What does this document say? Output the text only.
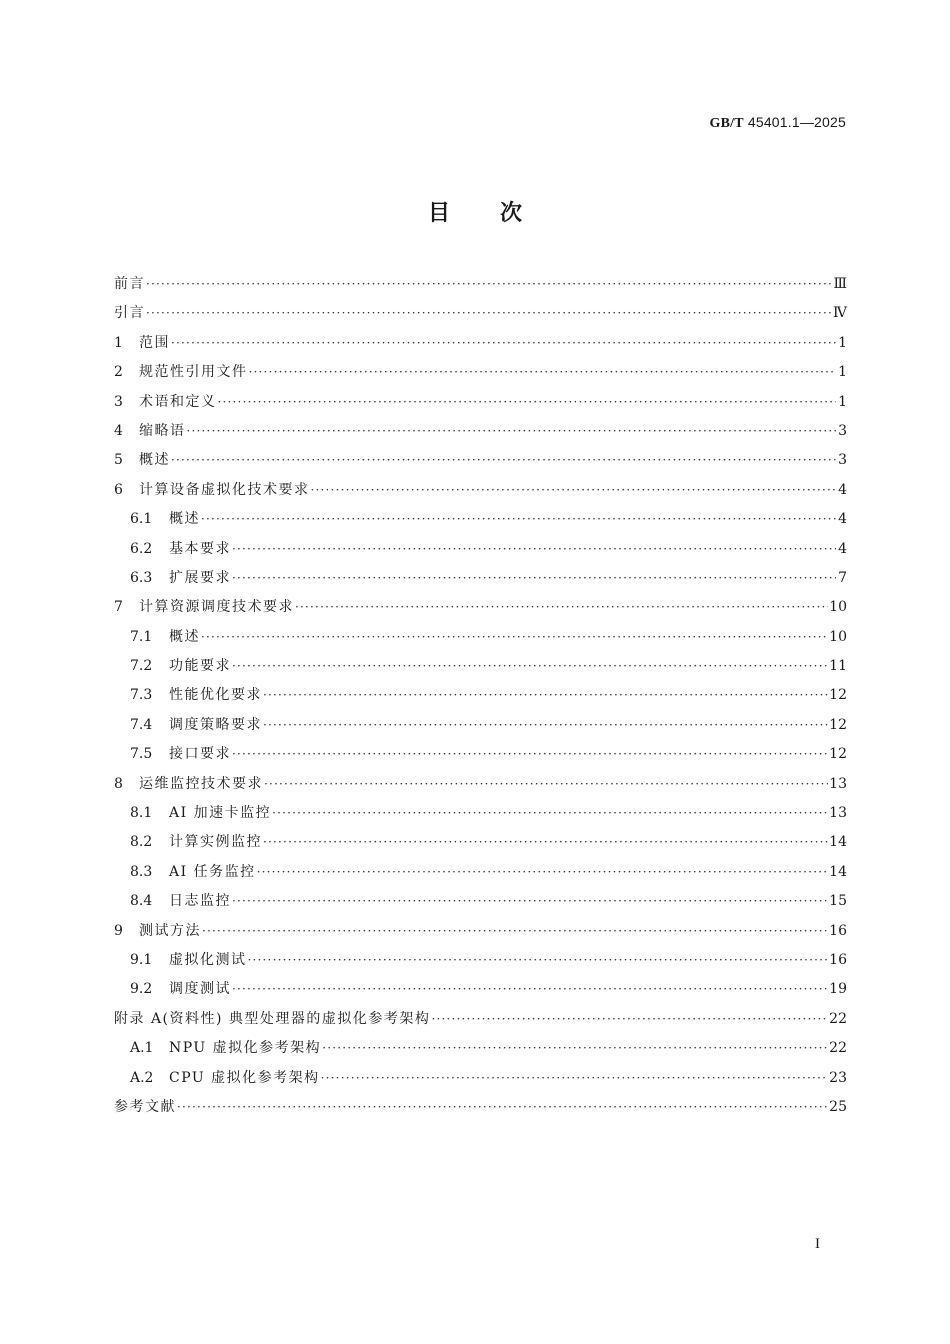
GB/T 45401.1—2025
目次
前言 ·····	Ⅲ
引言 ·····	Ⅳ
1	范围 ·····	1
2	规范性引用文件 ·····	1
3	术语和定义 ·····	1
4	缩略语 ·····	3
5	概述 ·····	3
6	计算设备虚拟化技术要求 ·····	4
6.1	概述 ·····	4
6.2	基本要求 ·····	4
6.3	扩展要求 ·····	7
7	计算资源调度技术要求 ·····	10
7.1	概述 ·····	10
7.2	功能要求 ·····	11
7.3	性能优化要求 ·····	12
7.4	调度策略要求 ·····	12
7.5	接口要求 ·····	12
8	运维监控技术要求 ·····	13
8.1	AI 加速卡监控 ·····	13
8.2	计算实例监控 ·····	14
8.3	AI 任务监控 ·····	14
8.4	日志监控 ·····	15
9	测试方法 ·····	16
9.1	虚拟化测试 ·····	16
9.2	调度测试 ·····	19
附录 A(资料性) 典型处理器的虚拟化参考架构 ·····	22
A.1	NPU 虚拟化参考架构 ·····	22
A.2	CPU 虚拟化参考架构 ·····	23
参考文献 ·····	25
I
